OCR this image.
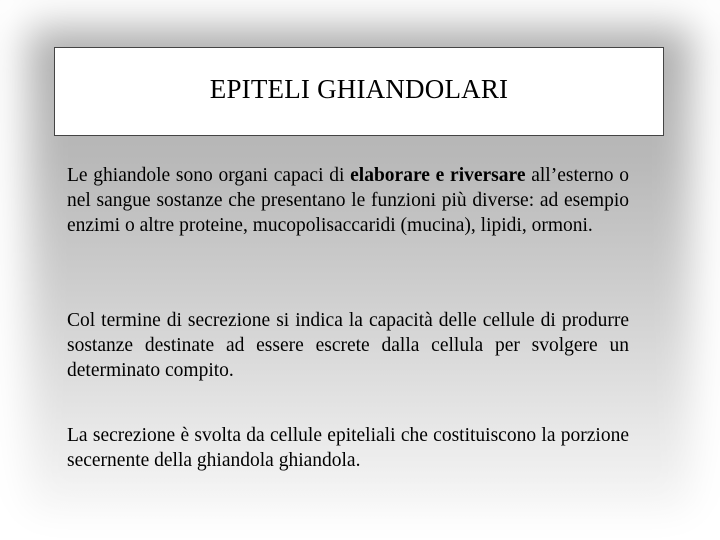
EPITELI GHIANDOLARI

Le ghiandole sono organi capaci di elaborare e riversare all’esterno o nel sangue sostanze che presentano le funzioni più diverse: ad esempio enzimi o altre proteine, mucopolisaccaridi (mucina), lipidi, ormoni.

Col termine di secrezione si indica la capacità delle cellule di produrre sostanze destinate ad essere escrete dalla cellula per svolgere un determinato compito.

La secrezione è svolta da cellule epiteliali che costituiscono la porzione secernente della ghiandola ghiandola.
